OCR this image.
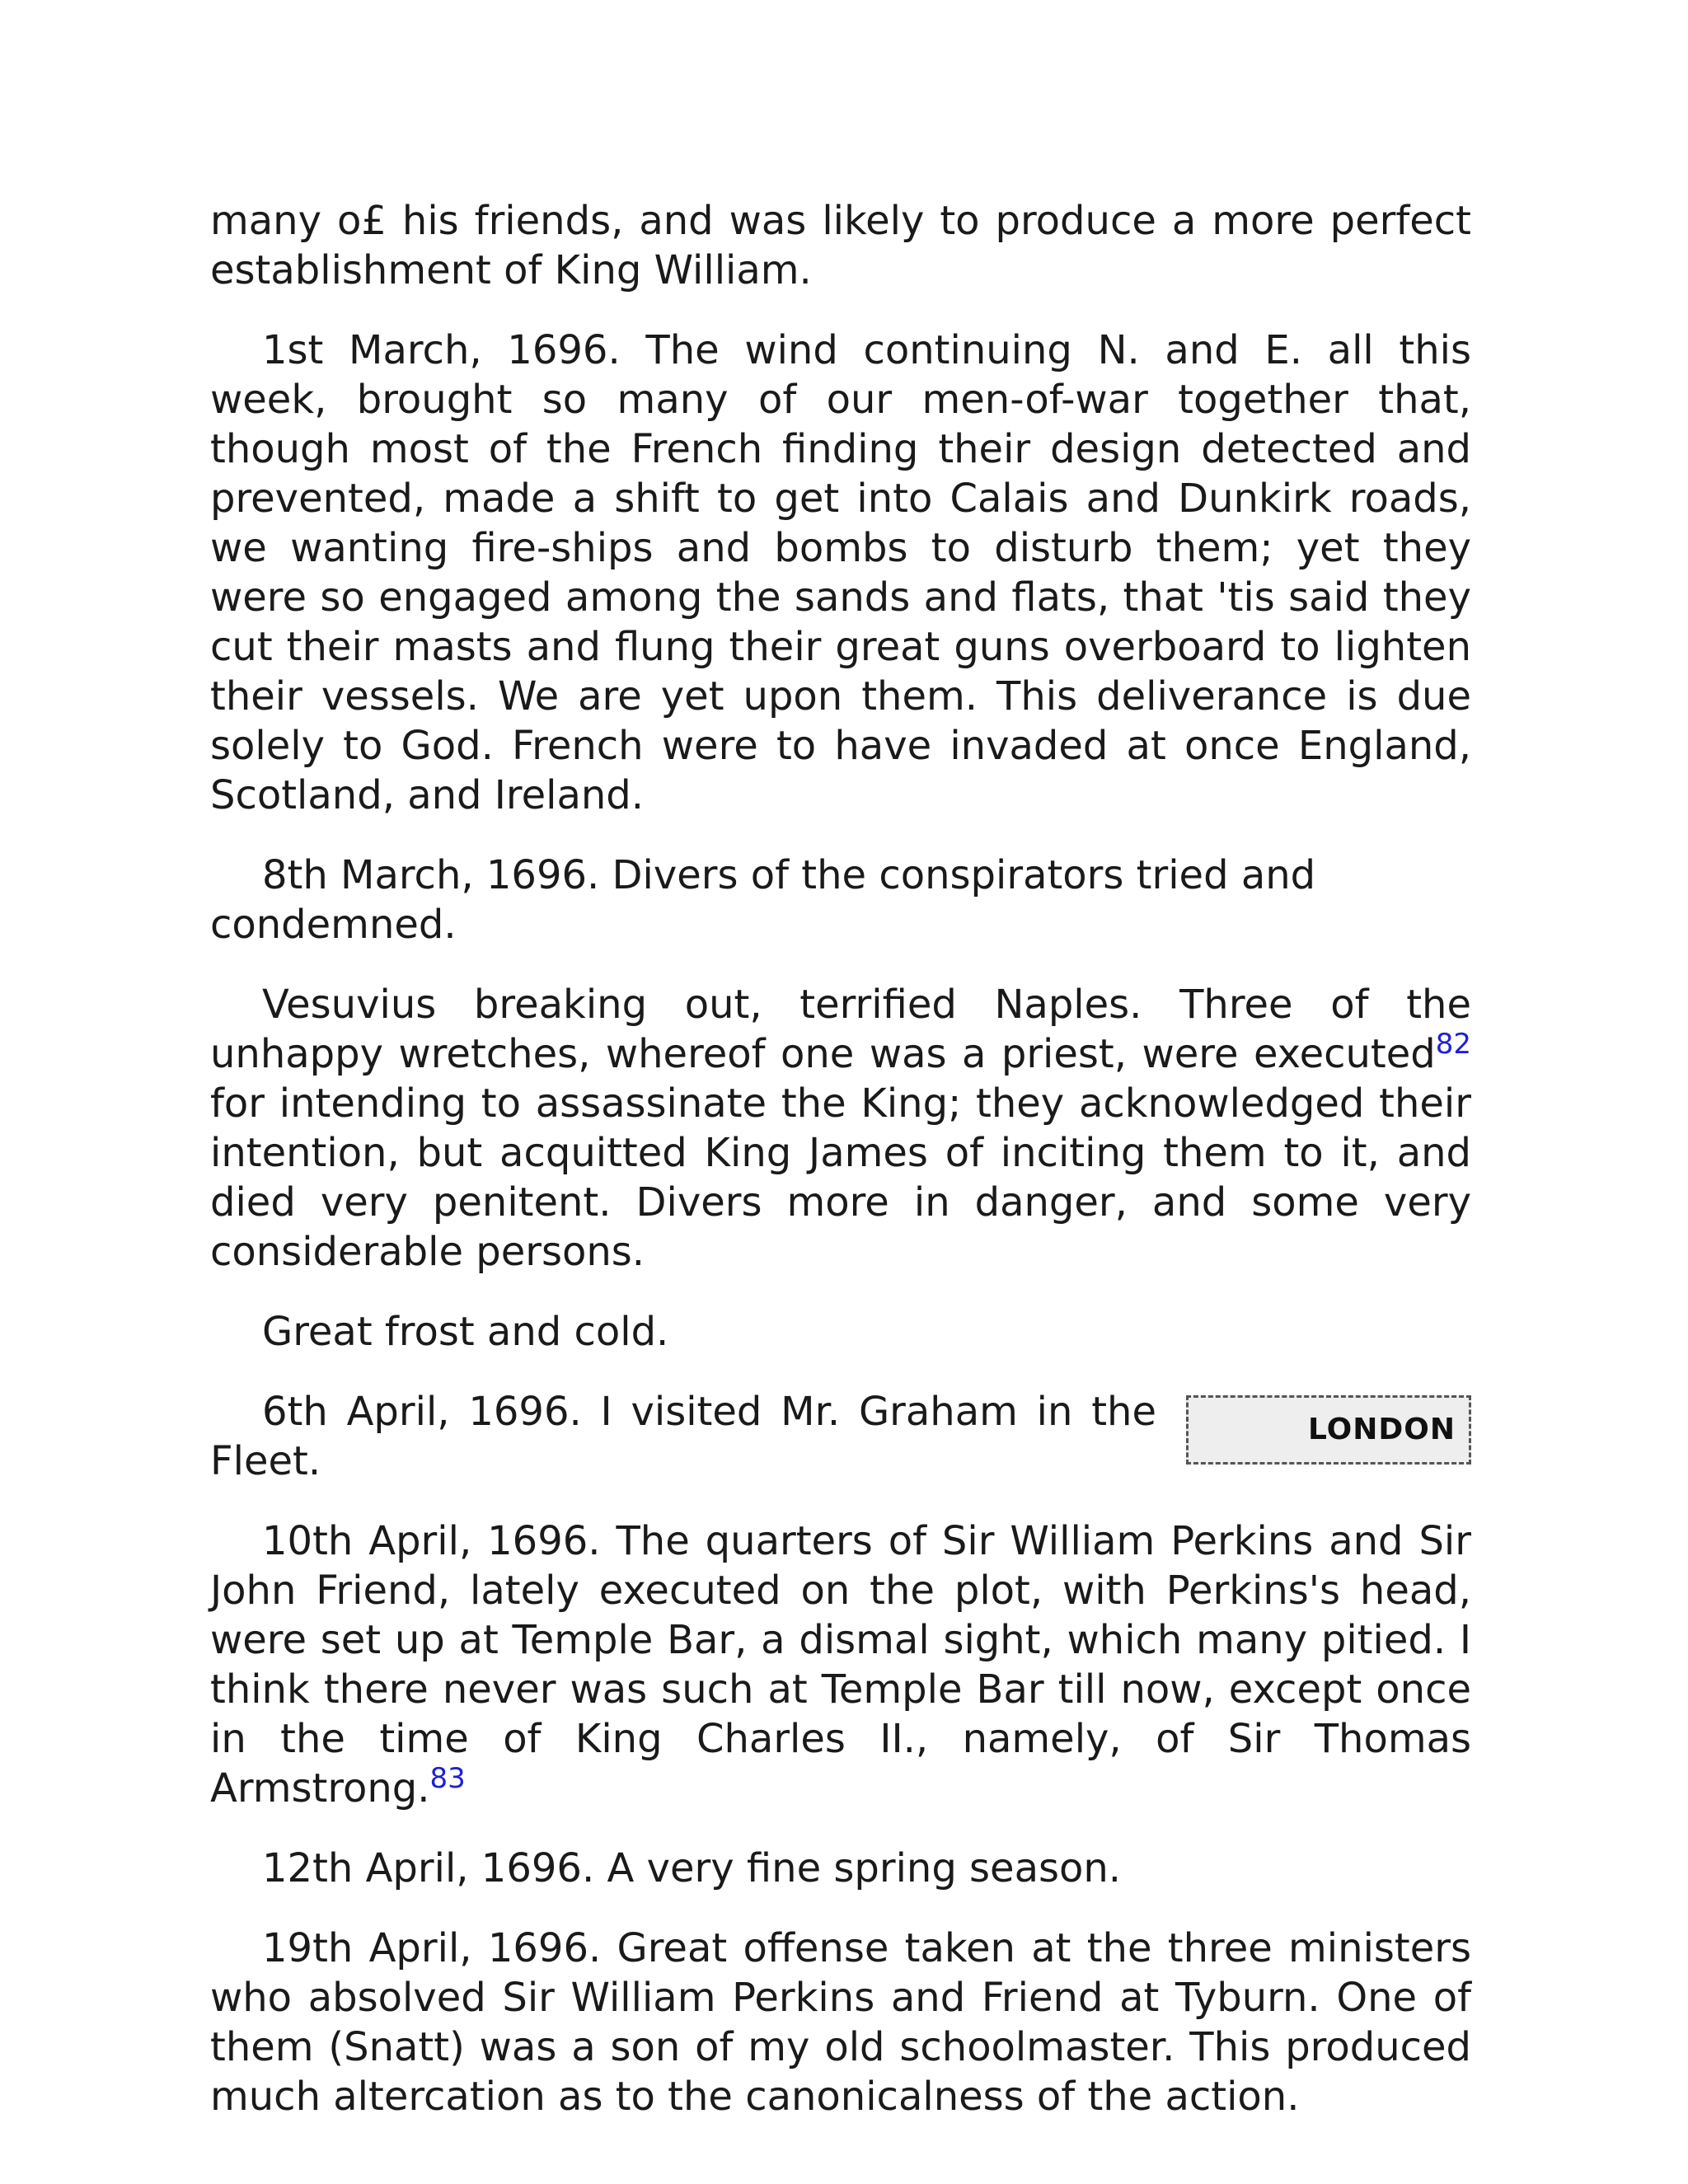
many o£ his friends, and was likely to produce a more perfect establishment of King William.

1st March, 1696. The wind continuing N. and E. all this week, brought so many of our men-of-war together that, though most of the French finding their design detected and prevented, made a shift to get into Calais and Dunkirk roads, we wanting fire-ships and bombs to disturb them; yet they were so engaged among the sands and flats, that 'tis said they cut their masts and flung their great guns overboard to lighten their vessels. We are yet upon them. This deliverance is due solely to God. French were to have invaded at once England, Scotland, and Ireland.

8th March, 1696. Divers of the conspirators tried and condemned.

Vesuvius breaking out, terrified Naples. Three of the unhappy wretches, whereof one was a priest, were executed$^{82}$ for intending to assassinate the King; they acknowledged their intention, but acquitted King James of inciting them to it, and died very penitent. Divers more in danger, and some very considerable persons.

Great frost and cold.

LONDON
6th April, 1696. I visited Mr. Graham in the Fleet.

10th April, 1696. The quarters of Sir William Perkins and Sir John Friend, lately executed on the plot, with Perkins's head, were set up at Temple Bar, a dismal sight, which many pitied. I think there never was such at Temple Bar till now, except once in the time of King Charles II., namely, of Sir Thomas Armstrong.$^{83}$

12th April, 1696. A very fine spring season.

19th April, 1696. Great offense taken at the three ministers who absolved Sir William Perkins and Friend at Tyburn. One of them (Snatt) was a son of my old schoolmaster. This produced much altercation as to the canonicalness of the action.
